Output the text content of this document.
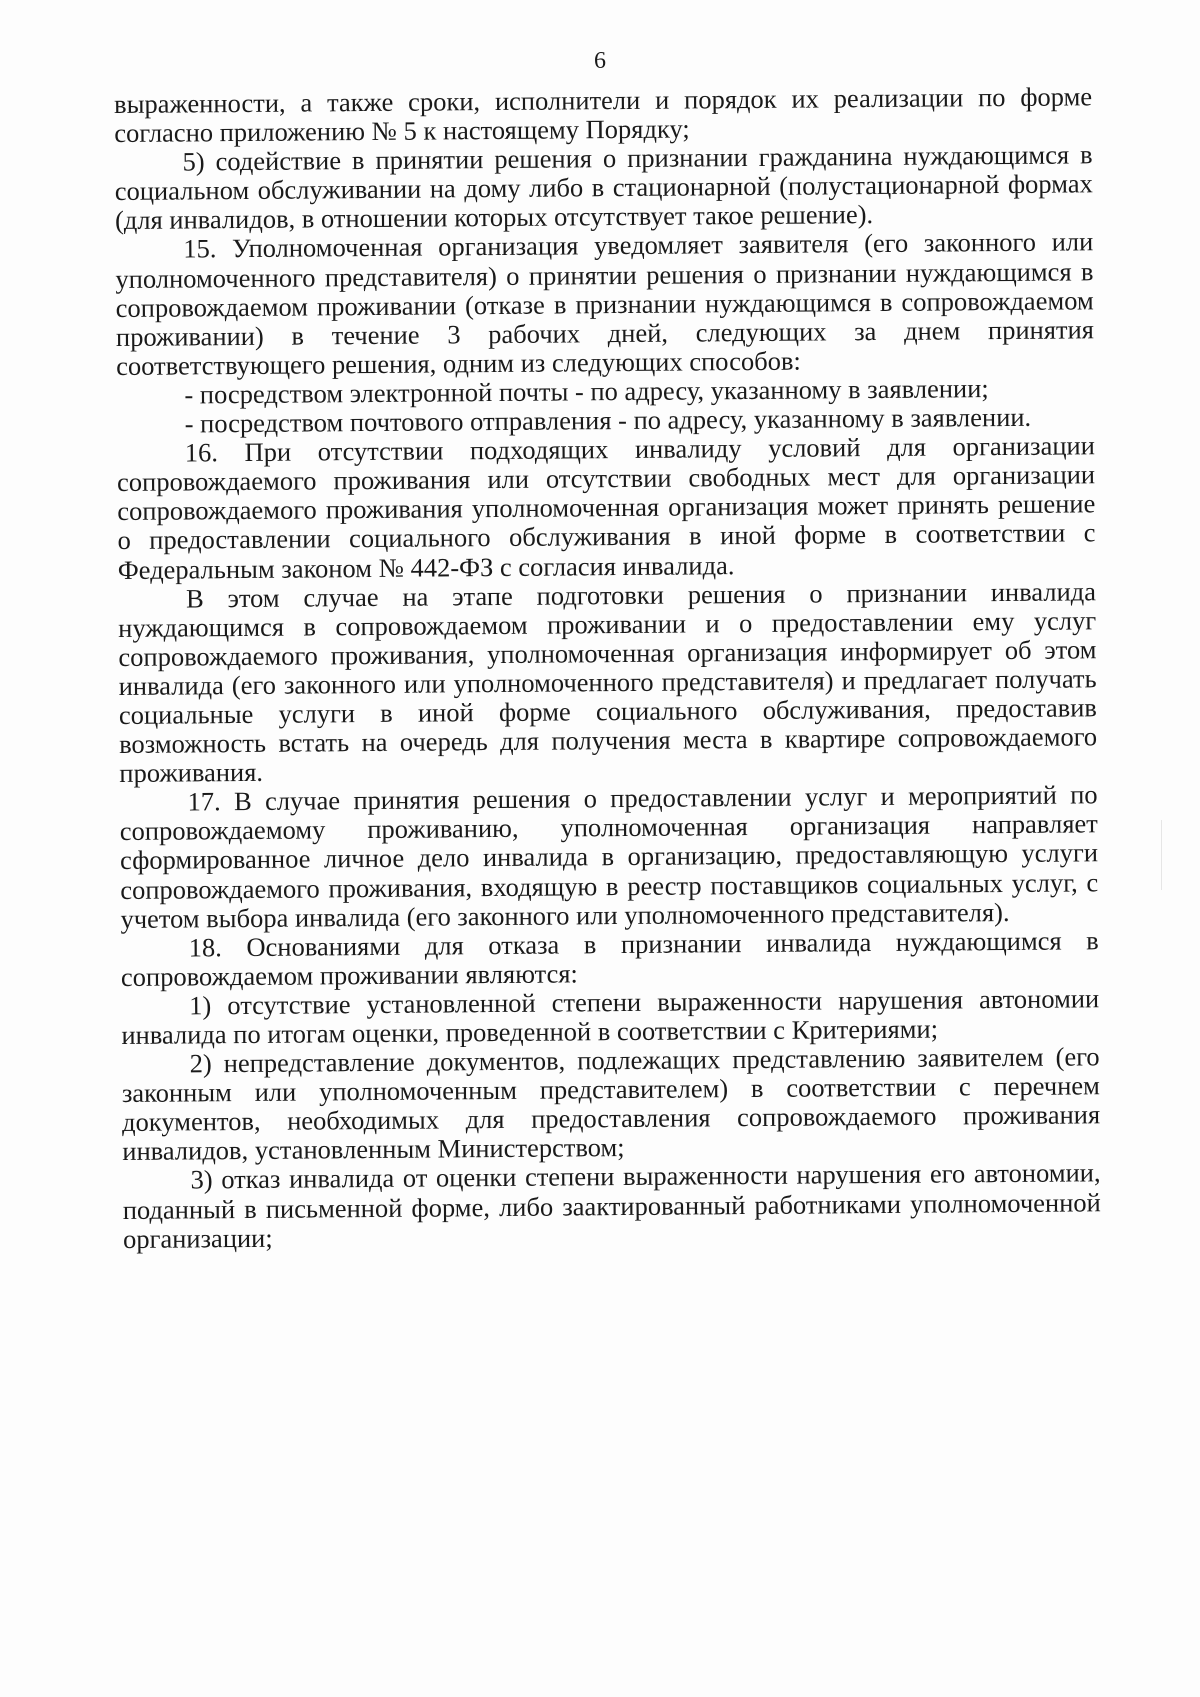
6

выраженности, а также сроки, исполнители и порядок их реализации по форме согласно приложению № 5 к настоящему Порядку;

5) содействие в принятии решения о признании гражданина нуждающимся в социальном обслуживании на дому либо в стационарной (полустационарной формах (для инвалидов, в отношении которых отсутствует такое решение).

15. Уполномоченная организация уведомляет заявителя (его законного или уполномоченного представителя) о принятии решения о признании нуждающимся в сопровождаемом проживании (отказе в признании нуждающимся в сопровождаемом проживании) в течение 3 рабочих дней, следующих за днем принятия соответствующего решения, одним из следующих способов:

- посредством электронной почты - по адресу, указанному в заявлении;

- посредством почтового отправления - по адресу, указанному в заявлении.

16. При отсутствии подходящих инвалиду условий для организации сопровождаемого проживания или отсутствии свободных мест для организации сопровождаемого проживания уполномоченная организация может принять решение о предоставлении социального обслуживания в иной форме в соответствии с Федеральным законом № 442-ФЗ с согласия инвалида.

В этом случае на этапе подготовки решения о признании инвалида нуждающимся в сопровождаемом проживании и о предоставлении ему услуг сопровождаемого проживания, уполномоченная организация информирует об этом инвалида (его законного или уполномоченного представителя) и предлагает получать социальные услуги в иной форме социального обслуживания, предоставив возможность встать на очередь для получения места в квартире сопровождаемого проживания.

17. В случае принятия решения о предоставлении услуг и мероприятий по сопровождаемому проживанию, уполномоченная организация направляет сформированное личное дело инвалида в организацию, предоставляющую услуги сопровождаемого проживания, входящую в реестр поставщиков социальных услуг, с учетом выбора инвалида (его законного или уполномоченного представителя).

18. Основаниями для отказа в признании инвалида нуждающимся в сопровождаемом проживании являются:

1) отсутствие установленной степени выраженности нарушения автономии инвалида по итогам оценки, проведенной в соответствии с Критериями;

2) непредставление документов, подлежащих представлению заявителем (его законным или уполномоченным представителем) в соответствии с перечнем документов, необходимых для предоставления сопровождаемого проживания инвалидов, установленным Министерством;

3) отказ инвалида от оценки степени выраженности нарушения его автономии, поданный в письменной форме, либо заактированный работниками уполномоченной организации;
